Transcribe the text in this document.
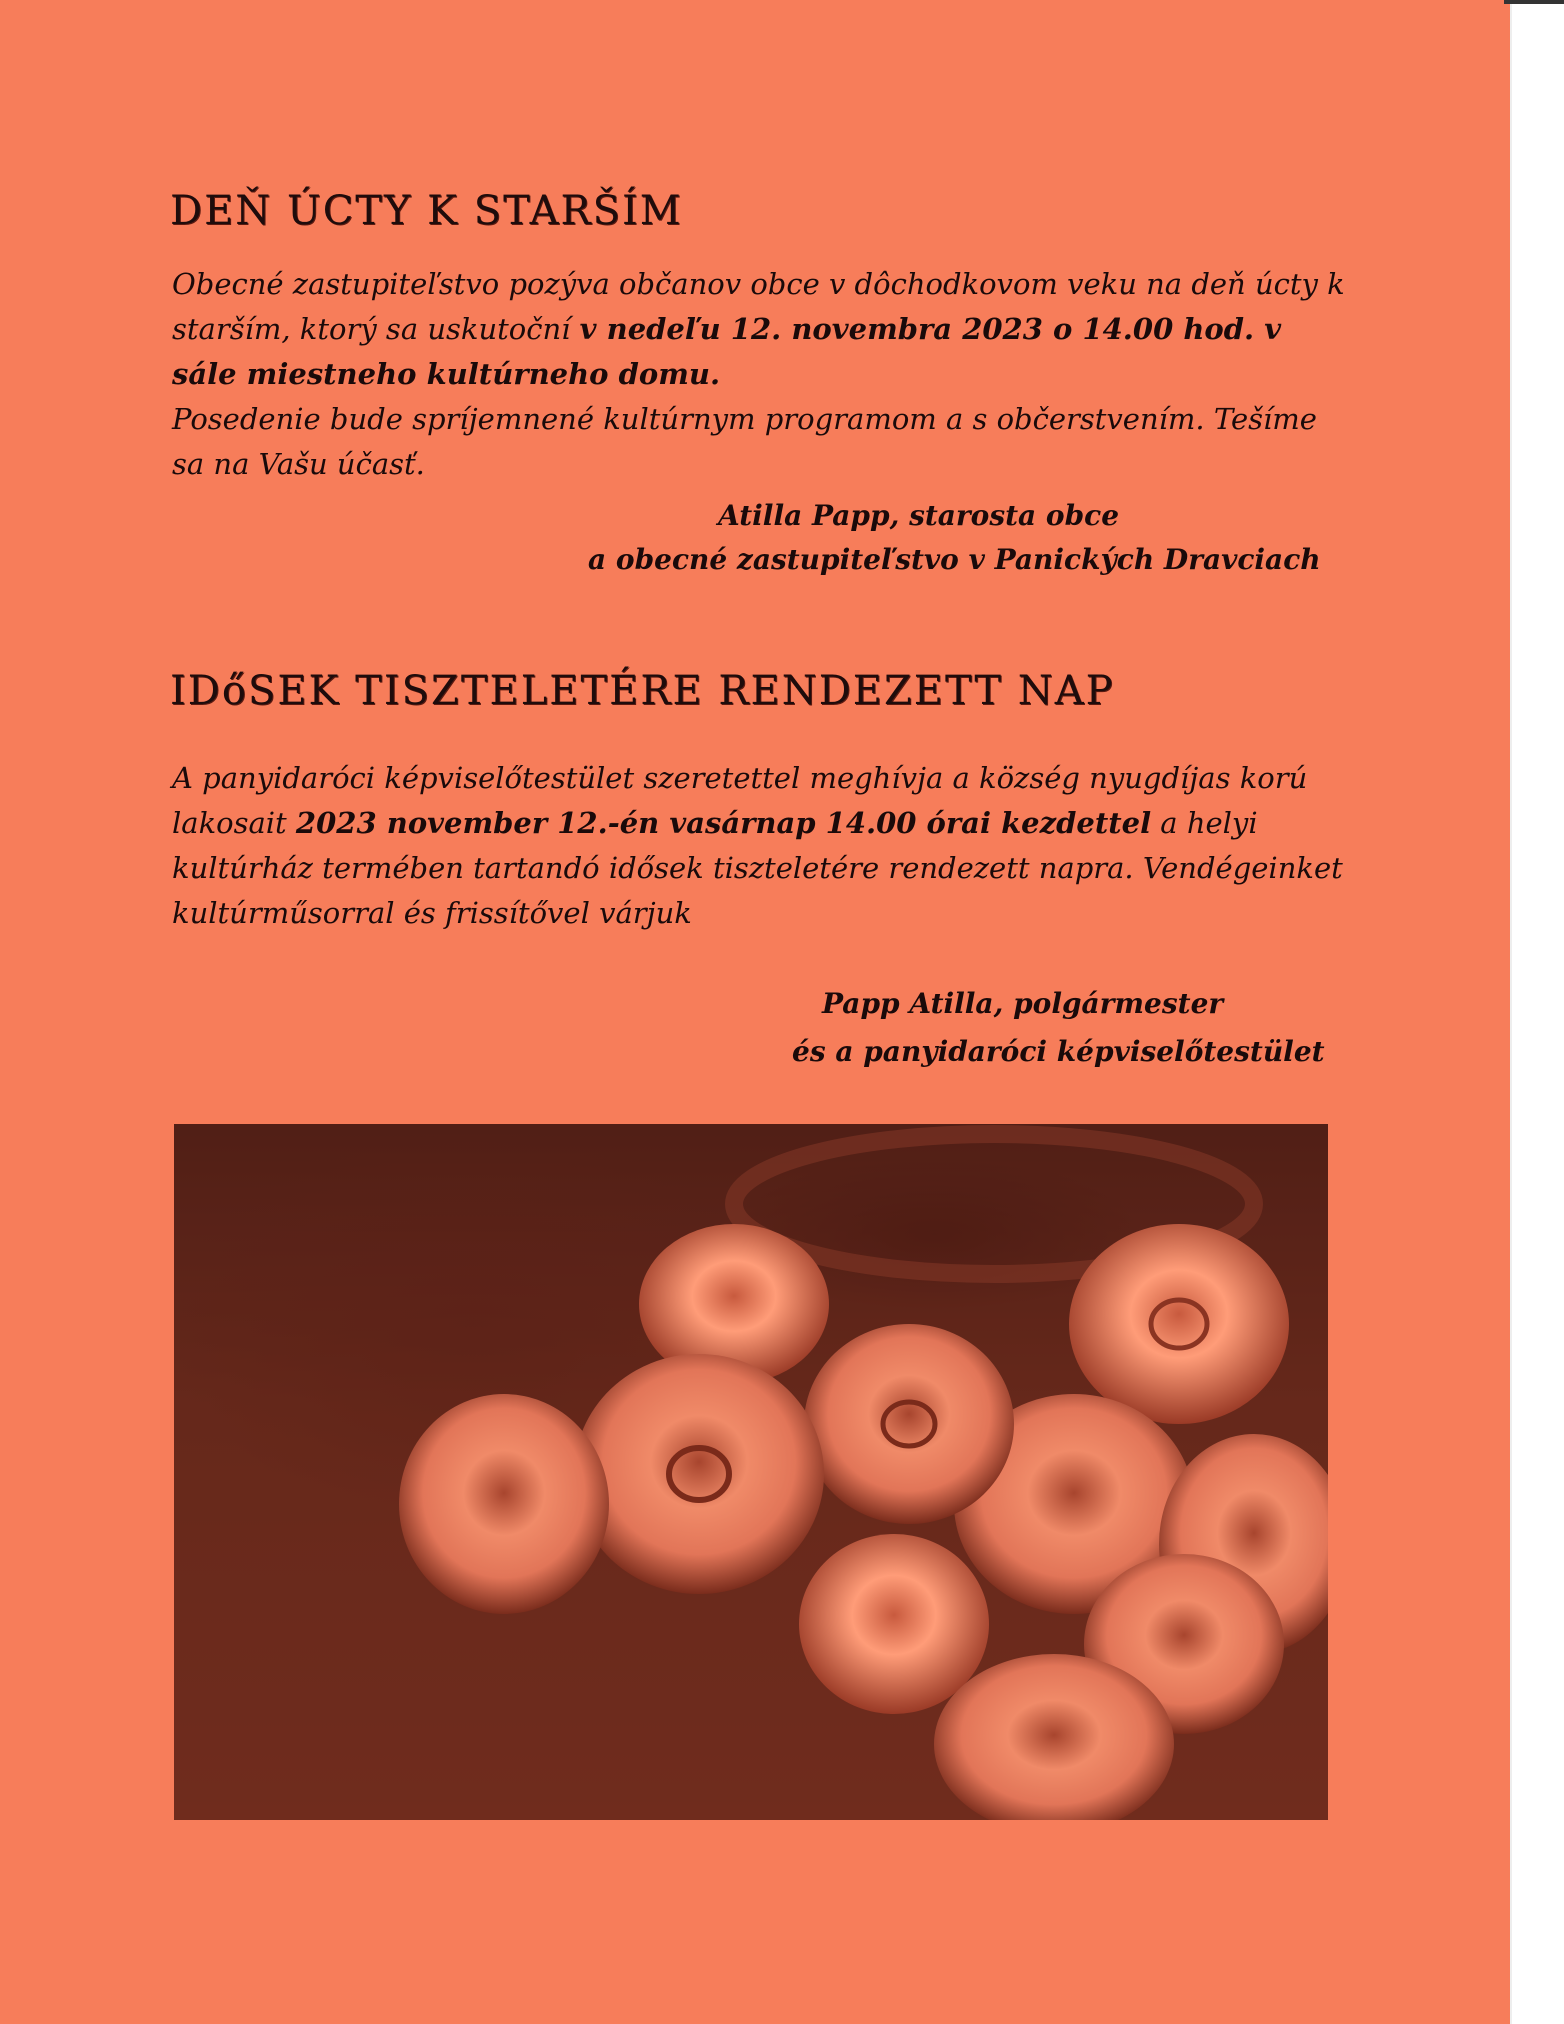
DEŇ ÚCTY K STARŠÍM

Obecné zastupiteľstvo pozýva občanov obce v dôchodkovom veku na deň úcty k starším, ktorý sa uskutoční v nedeľu 12. novembra 2023 o 14.00 hod. v sále miestneho kultúrneho domu.
Posedenie bude spríjemnené kultúrnym programom a s občerstvením. Tešíme sa na Vašu účasť.

Atilla Papp, starosta obce

a obecné zastupiteľstvo v Panických Dravciach

IDőSEK TISZTELETÉRE RENDEZETT NAP

A panyidaróci képviselőtestület szeretettel meghívja a község nyugdíjas korú lakosait 2023 november 12.-én vasárnap 14.00 órai kezdettel a helyi kultúrház termében tartandó idősek tiszteletére rendezett napra. Vendégeinket kultúrműsorral és frissítővel várjuk

Papp Atilla, polgármester

és a panyidaróci képviselőtestület
